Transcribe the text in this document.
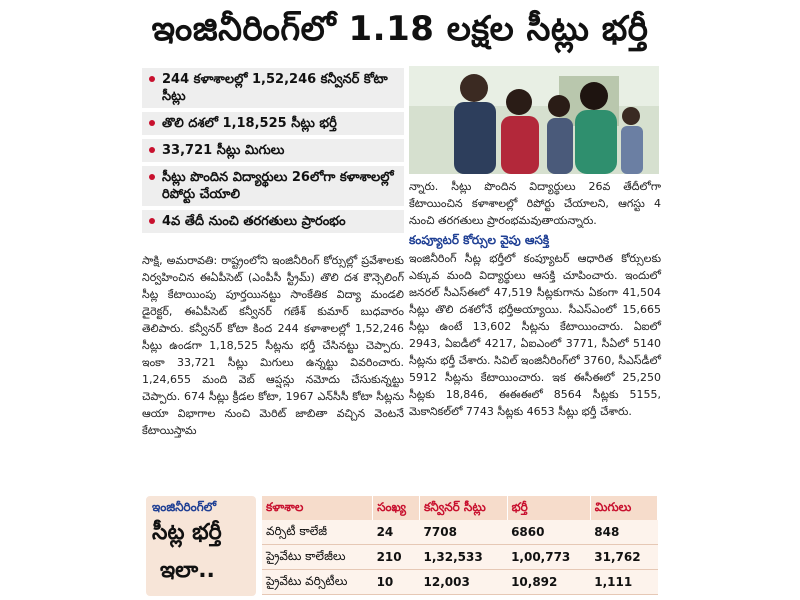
ఇంజినీరింగ్‌లో 1.18 లక్షల సీట్లు భర్తీ
244 కళాశాలల్లో 1,52,246 కన్వీనర్ కోటా సీట్లు
తొలి దశలో 1,18,525 సీట్లు భర్తీ
33,721 సీట్లు మిగులు
సీట్లు పొందిన విద్యార్థులు 26లోగా కళాశాలల్లో రిపోర్టు చేయాలి
4వ తేదీ నుంచి తరగతులు ప్రారంభం
సాక్షి, అమరావతి: రాష్ట్రంలోని ఇంజినీరింగ్ కోర్సుల్లో ప్రవేశాలకు నిర్వహించిన ఈఏపీసెట్ (ఎంపీసీ స్ట్రీమ్) తొలి దశ కౌన్సెలింగ్ సీట్ల కేటాయింపు పూర్తయినట్టు సాంకేతిక విద్యా మండలి డైరెక్టర్, ఈఏపీసెట్ కన్వీనర్ గణేశ్ కుమార్ బుధవారం తెలిపారు. కన్వీనర్ కోటా కింద 244 కళాశాలల్లో 1,52,246 సీట్లు ఉండగా 1,18,525 సీట్లను భర్తీ చేసినట్టు చెప్పారు. ఇంకా 33,721 సీట్లు మిగులు ఉన్నట్టు వివరించారు. 1,24,655 మంది వెబ్ ఆప్షన్లు నమోదు చేసుకున్నట్టు చెప్పారు. 674 సీట్లు క్రీడల కోటా, 1967 ఎన్‌సీసీ కోటా సీట్లను ఆయా విభాగాల నుంచి మెరిట్ జాబితా వచ్చిన వెంటనే కేటాయిస్తామ
న్నారు. సీట్లు పొందిన విద్యార్థులు 26వ తేదీలోగా కేటాయించిన కళాశాలల్లో రిపోర్టు చేయాలని, ఆగస్టు 4 నుంచి తరగతులు ప్రారంభమవుతాయన్నారు.
కంప్యూటర్ కోర్సుల వైపు ఆసక్తి
ఇంజినీరింగ్ సీట్ల భర్తీలో కంప్యూటర్ ఆధారిత కోర్సులకు ఎక్కువ మంది విద్యార్థులు ఆసక్తి చూపించారు. ఇందులో జనరల్ సీఎస్ఈలో 47,519 సీట్లకుగాను ఏకంగా 41,504 సీట్లు తొలి దశలోనే భర్తీఅయ్యాయి. సీఎస్ఎంలో 15,665 సీట్లు ఉంటే 13,602 సీట్లను కేటాయించారు. ఏఐలో 2943, ఏఐడీలో 4217, ఏఐఎంలో 3771, సీఏలో 5140 సీట్లను భర్తీ చేశారు. సివిల్ ఇంజినీరింగ్‌లో 3760, సీఎస్‌డీలో 5912 సీట్లను కేటాయించారు. ఇక ఈసీఈలో 25,250 సీట్లకు 18,846, ఈఈఈలో 8564 సీట్లకు 5155, మెకానికల్‌లో 7743 సీట్లకు 4653 సీట్లు భర్తీ చేశారు.
ఇంజినీరింగ్‌లో
సీట్ల భర్తీ
ఇలా..
కళాశాల	సంఖ్య	కన్వీనర్ సీట్లు	భర్తీ	మిగులు
వర్సిటీ కాలేజీ	24	7708	6860	848
ప్రైవేటు కాలేజీలు	210	1,32,533	1,00,773	31,762
ప్రైవేటు వర్సిటీలు	10	12,003	10,892	1,111
